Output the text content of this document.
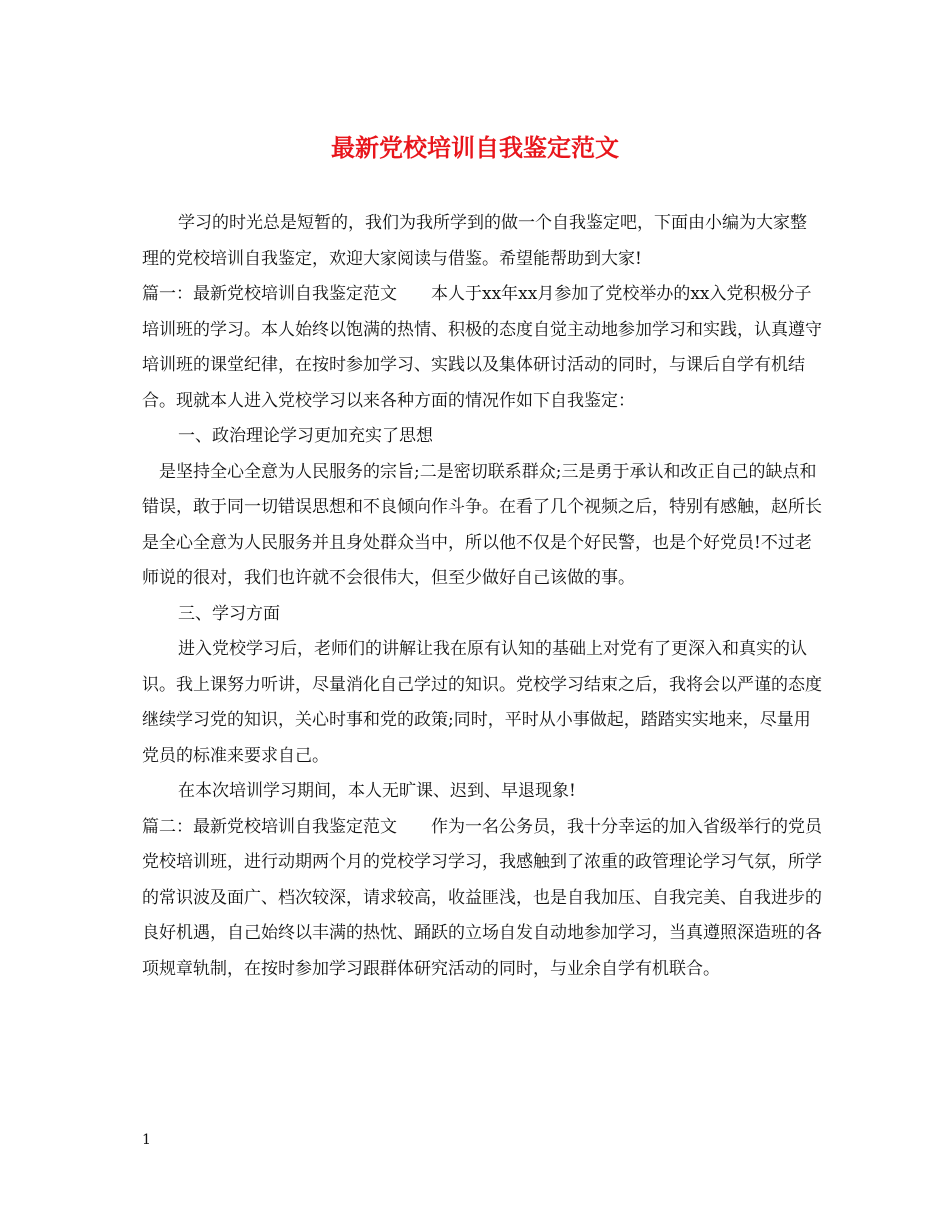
最新党校培训自我鉴定范文

学习的时光总是短暂的，我们为我所学到的做一个自我鉴定吧，下面由小编为大家整理的党校培训自我鉴定，欢迎大家阅读与借鉴。希望能帮助到大家!

篇一：最新党校培训自我鉴定范文　　本人于xx年xx月参加了党校举办的xx入党积极分子培训班的学习。本人始终以饱满的热情、积极的态度自觉主动地参加学习和实践，认真遵守培训班的课堂纪律，在按时参加学习、实践以及集体研讨活动的同时，与课后自学有机结合。现就本人进入党校学习以来各种方面的情况作如下自我鉴定：

一、政治理论学习更加充实了思想

　是坚持全心全意为人民服务的宗旨;二是密切联系群众;三是勇于承认和改正自己的缺点和错误，敢于同一切错误思想和不良倾向作斗争。在看了几个视频之后，特别有感触，赵所长是全心全意为人民服务并且身处群众当中，所以他不仅是个好民警，也是个好党员!不过老师说的很对，我们也许就不会很伟大，但至少做好自己该做的事。

三、学习方面

进入党校学习后，老师们的讲解让我在原有认知的基础上对党有了更深入和真实的认识。我上课努力听讲，尽量消化自己学过的知识。党校学习结束之后，我将会以严谨的态度继续学习党的知识，关心时事和党的政策;同时，平时从小事做起，踏踏实实地来，尽量用党员的标准来要求自己。

在本次培训学习期间，本人无旷课、迟到、早退现象!

篇二：最新党校培训自我鉴定范文　　作为一名公务员，我十分幸运的加入省级举行的党员党校培训班，进行动期两个月的党校学习学习，我感触到了浓重的政管理论学习气氛，所学的常识波及面广、档次较深，请求较高，收益匪浅，也是自我加压、自我完美、自我进步的良好机遇，自己始终以丰满的热忱、踊跃的立场自发自动地参加学习，当真遵照深造班的各项规章轨制，在按时参加学习跟群体研究活动的同时，与业余自学有机联合。

1
